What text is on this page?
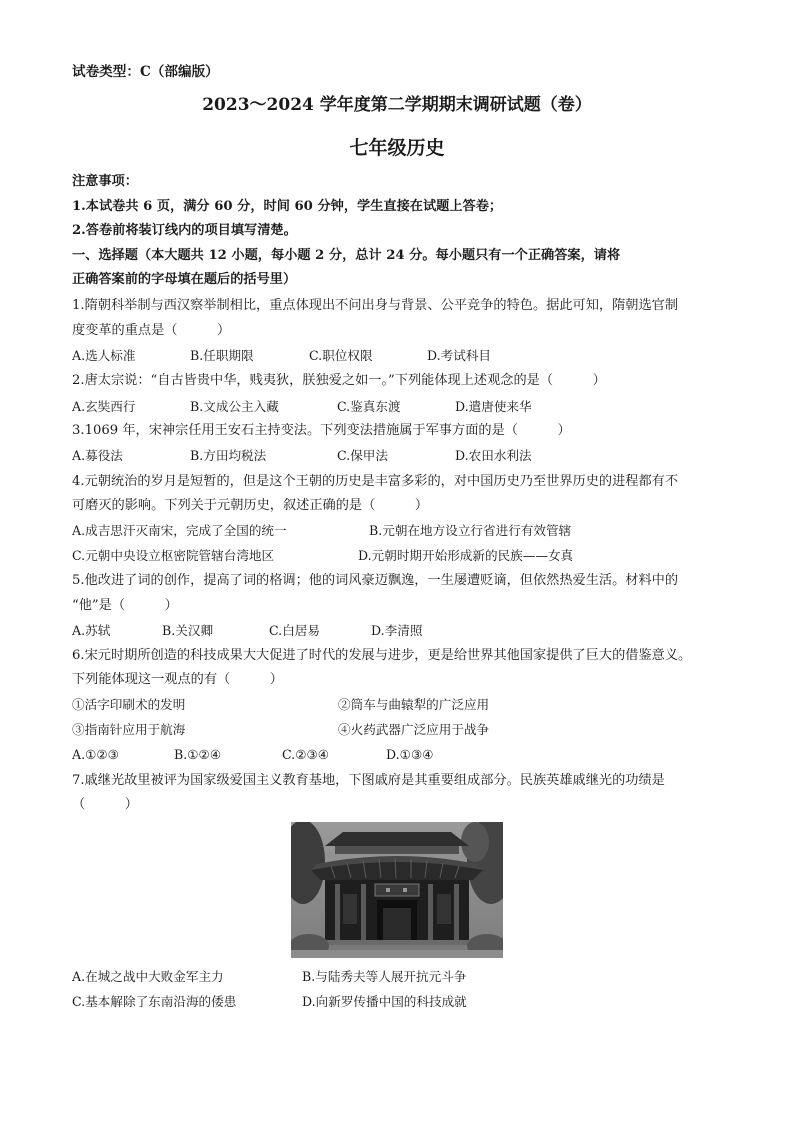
试卷类型：C（部编版）
2023～2024 学年度第二学期期末调研试题（卷）
七年级历史
注意事项：
1.本试卷共 6 页，满分 60 分，时间 60 分钟，学生直接在试题上答卷；
2.答卷前将装订线内的项目填写清楚。
一、选择题（本大题共 12 小题，每小题 2 分，总计 24 分。每小题只有一个正确答案，请将
正确答案前的字母填在题后的括号里）
1.隋朝科举制与西汉察举制相比，重点体现出不问出身与背景、公平竞争的特色。据此可知，隋朝选官制
度变革的重点是（　　　）
A.选人标准	B.任职期限	C.职位权限	D.考试科目
2.唐太宗说：“自古皆贵中华，贱夷狄，朕独爱之如一。”下列能体现上述观念的是（　　　）
A.玄奘西行	B.文成公主入藏	C.鉴真东渡	D.遣唐使来华
3.1069 年，宋神宗任用王安石主持变法。下列变法措施属于军事方面的是（　　　）
A.募役法	B.方田均税法	C.保甲法	D.农田水利法
4.元朝统治的岁月是短暂的，但是这个王朝的历史是丰富多彩的，对中国历史乃至世界历史的进程都有不
可磨灭的影响。下列关于元朝历史，叙述正确的是（　　　）
A.成吉思汗灭南宋，完成了全国的统一	B.元朝在地方设立行省进行有效管辖
C.元朝中央设立枢密院管辖台湾地区	D.元朝时期开始形成新的民族——女真
5.他改进了词的创作，提高了词的格调；他的词风豪迈飘逸，一生屡遭贬谪，但依然热爱生活。材料中的
“他”是（　　　）
A.苏轼	B.关汉卿	C.白居易	D.李清照
6.宋元时期所创造的科技成果大大促进了时代的发展与进步，更是给世界其他国家提供了巨大的借鉴意义。
下列能体现这一观点的有（　　　）
①活字印刷术的发明	②筒车与曲辕犁的广泛应用
③指南针应用于航海	④火药武器广泛应用于战争
A.①②③	B.①②④	C.②③④	D.①③④
7.戚继光故里被评为国家级爱国主义教育基地，下图戚府是其重要组成部分。民族英雄戚继光的功绩是
（　　　）
A.在城之战中大败金军主力	B.与陆秀夫等人展开抗元斗争
C.基本解除了东南沿海的倭患	D.向新罗传播中国的科技成就
